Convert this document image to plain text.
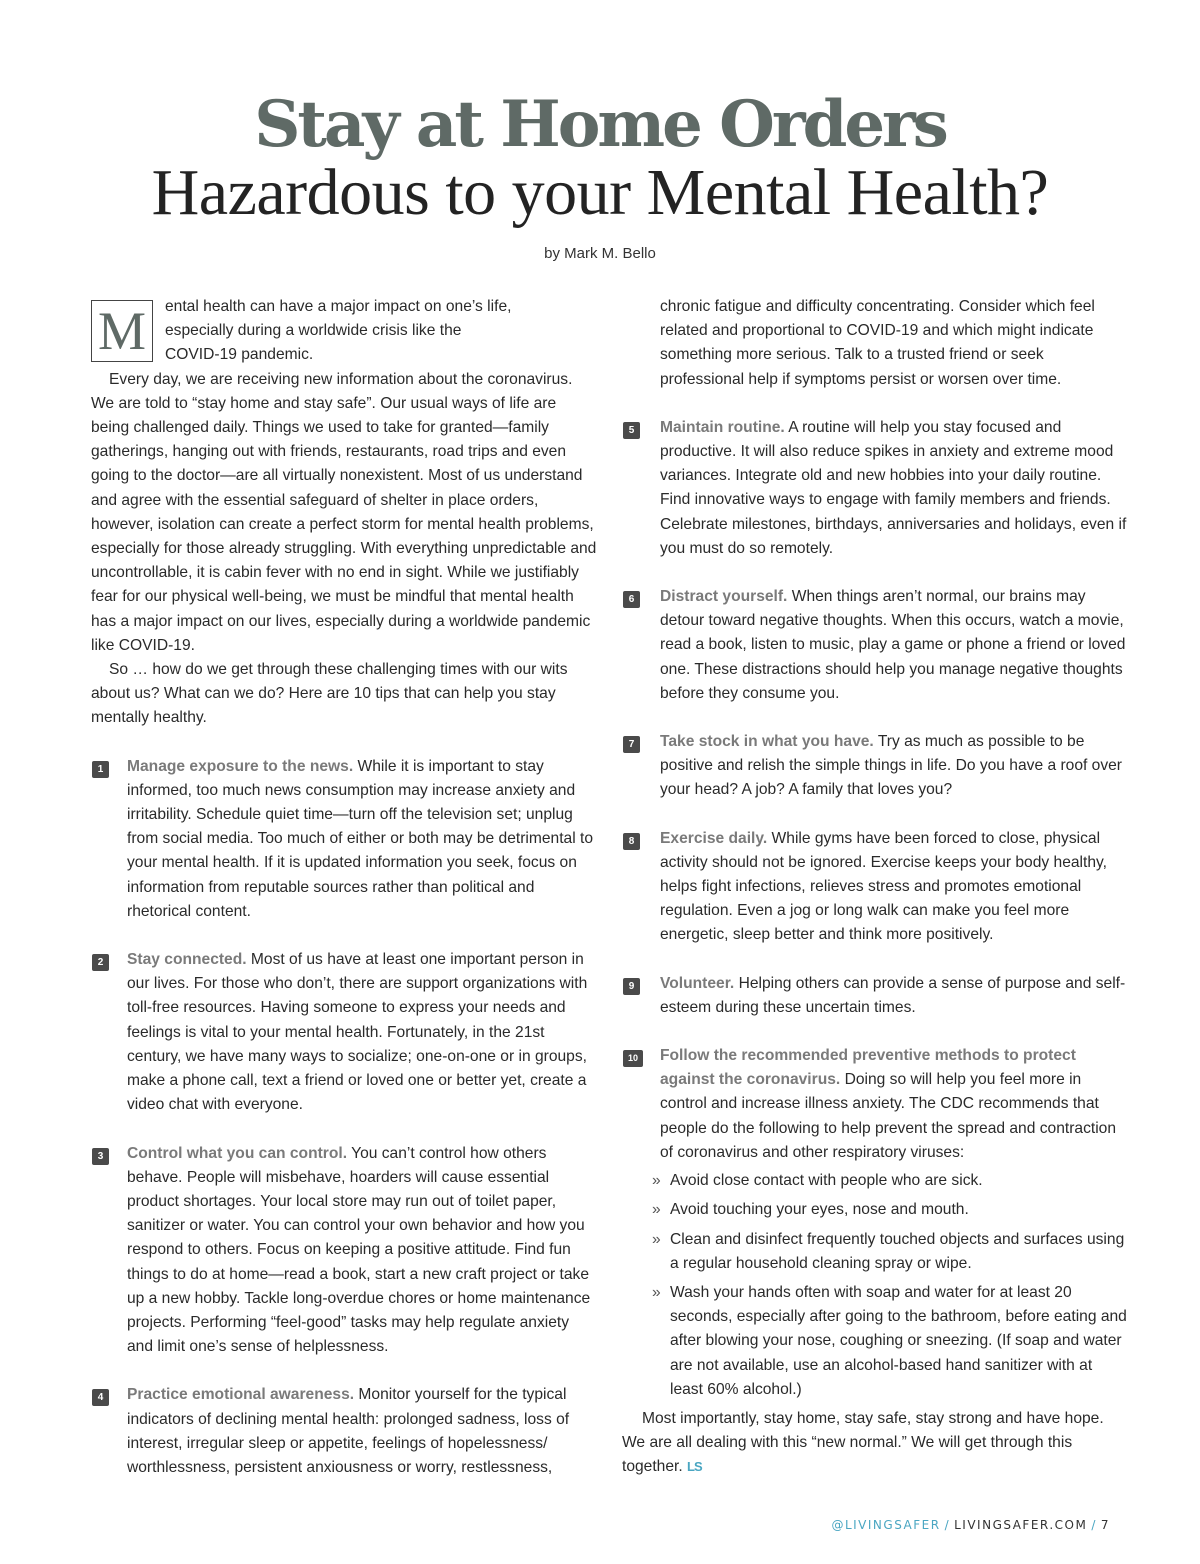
Stay at Home Orders
Hazardous to your Mental Health?
by Mark M. Bello
M	ental health can have a major impact on one’s life,
especially during a worldwide crisis like the
COVID-19 pandemic.

Every day, we are receiving new information about the coronavirus. We are told to “stay home and stay safe”. Our usual ways of life are being challenged daily. Things we used to take for granted—family gatherings, hanging out with friends, restaurants, road trips and even going to the doctor—are all virtually nonexistent. Most of us understand and agree with the essential safeguard of shelter in place orders, however, isolation can create a perfect storm for mental health problems, especially for those already struggling. With everything unpredictable and uncontrollable, it is cabin fever with no end in sight. While we justifiably fear for our physical well-being, we must be mindful that mental health has a major impact on our lives, especially during a worldwide pandemic like COVID-19.

So … how do we get through these challenging times with our wits about us? What can we do? Here are 10 tips that can help you stay mentally healthy.

1	Manage exposure to the news. While it is important to stay informed, too much news consumption may increase anxiety and irritability. Schedule quiet time—turn off the television set; unplug from social media. Too much of either or both may be detrimental to your mental health. If it is updated information you seek, focus on information from reputable sources rather than political and rhetorical content.
2	Stay connected. Most of us have at least one important person in our lives. For those who don’t, there are support organizations with toll-free resources. Having someone to express your needs and feelings is vital to your mental health. Fortunately, in the 21st century, we have many ways to socialize; one-on-one or in groups, make a phone call, text a friend or loved one or better yet, create a video chat with everyone.
3	Control what you can control. You can’t control how others behave. People will misbehave, hoarders will cause essential product shortages. Your local store may run out of toilet paper, sanitizer or water. You can control your own behavior and how you respond to others. Focus on keeping a positive attitude. Find fun things to do at home—read a book, start a new craft project or take up a new hobby. Tackle long-overdue chores or home maintenance projects. Performing “feel-good” tasks may help regulate anxiety and limit one’s sense of helplessness.
4	Practice emotional awareness. Monitor yourself for the typical indicators of declining mental health: prolonged sadness, loss of interest, irregular sleep or appetite, feelings of hopelessness/ worthlessness, persistent anxiousness or worry, restlessness,

chronic fatigue and difficulty concentrating. Consider which feel related and proportional to COVID-19 and which might indicate something more serious. Talk to a trusted friend or seek professional help if symptoms persist or worsen over time.

5	Maintain routine. A routine will help you stay focused and productive. It will also reduce spikes in anxiety and extreme mood variances. Integrate old and new hobbies into your daily routine. Find innovative ways to engage with family members and friends. Celebrate milestones, birthdays, anniversaries and holidays, even if you must do so remotely.
6	Distract yourself. When things aren’t normal, our brains may detour toward negative thoughts. When this occurs, watch a movie, read a book, listen to music, play a game or phone a friend or loved one. These distractions should help you manage negative thoughts before they consume you.
7	Take stock in what you have. Try as much as possible to be positive and relish the simple things in life. Do you have a roof over your head? A job? A family that loves you?
8	Exercise daily. While gyms have been forced to close, physical activity should not be ignored. Exercise keeps your body healthy, helps fight infections, relieves stress and promotes emotional regulation. Even a jog or long walk can make you feel more energetic, sleep better and think more positively.
9	Volunteer. Helping others can provide a sense of purpose and self-esteem during these uncertain times.
10	Follow the recommended preventive methods to protect against the coronavirus. Doing so will help you feel more in control and increase illness anxiety. The CDC recommends that people do the following to help prevent the spread and contraction of coronavirus and other respiratory viruses:
» Avoid close contact with people who are sick.
» Avoid touching your eyes, nose and mouth.
» Clean and disinfect frequently touched objects and surfaces using a regular household cleaning spray or wipe.
» Wash your hands often with soap and water for at least 20 seconds, especially after going to the bathroom, before eating and after blowing your nose, coughing or sneezing. (If soap and water are not available, use an alcohol-based hand sanitizer with at least 60% alcohol.)

Most importantly, stay home, stay safe, stay strong and have hope. We are all dealing with this “new normal.” We will get through this together. LS

@LIVINGSAFER / LIVINGSAFER.COM / 7
